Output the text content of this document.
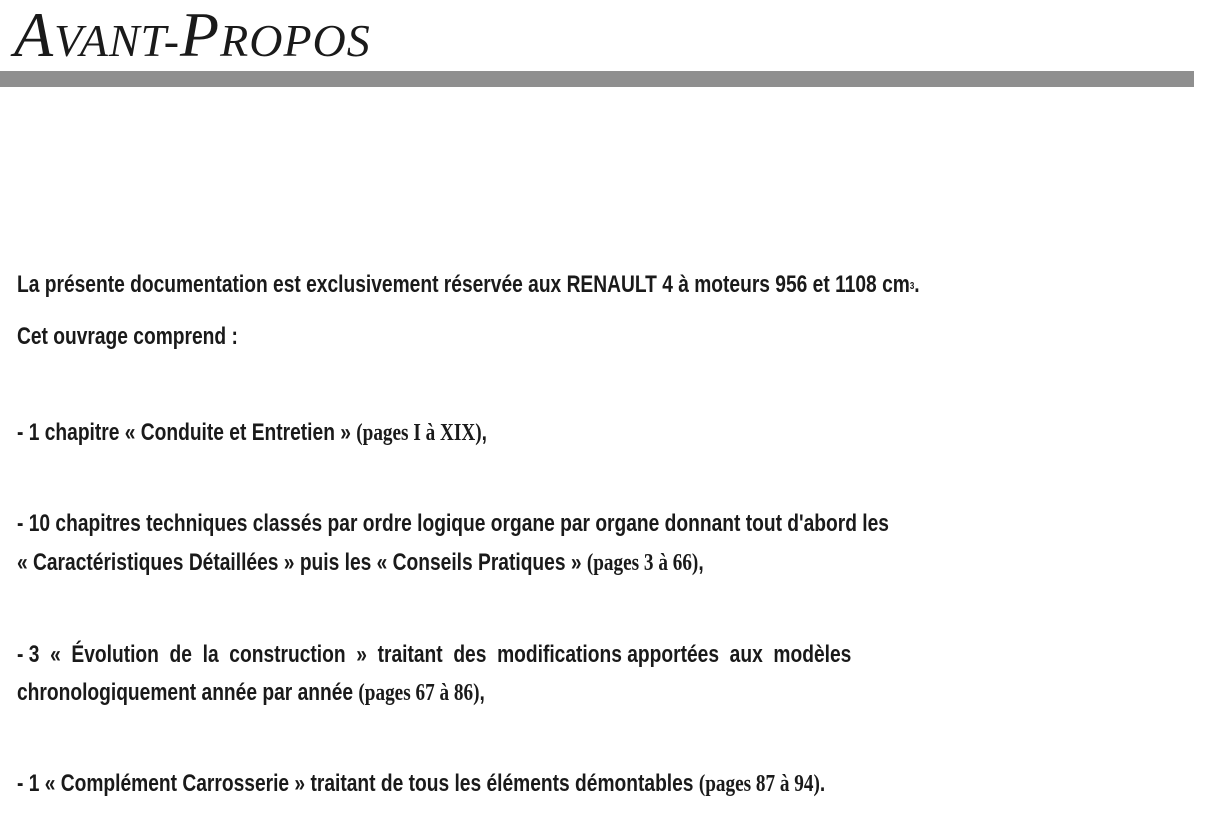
AVANT-PROPOS
La présente documentation est exclusivement réservée aux RENAULT 4 à moteurs 956 et 1108 $cm^3$.
Cet ouvrage comprend :
- 1 chapitre « Conduite et Entretien » (pages I à XIX),
- 10 chapitres techniques classés par ordre logique organe par organe donnant tout d'abord les
« Caractéristiques Détaillées » puis les « Conseils Pratiques » (pages 3 à 66),
- 3  «  Évolution  de  la  construction  »  traitant  des  modifications apportées  aux  modèles
chronologiquement année par année (pages 67 à 86),
- 1 « Complément Carrosserie » traitant de tous les éléments démontables (pages 87 à 94).
